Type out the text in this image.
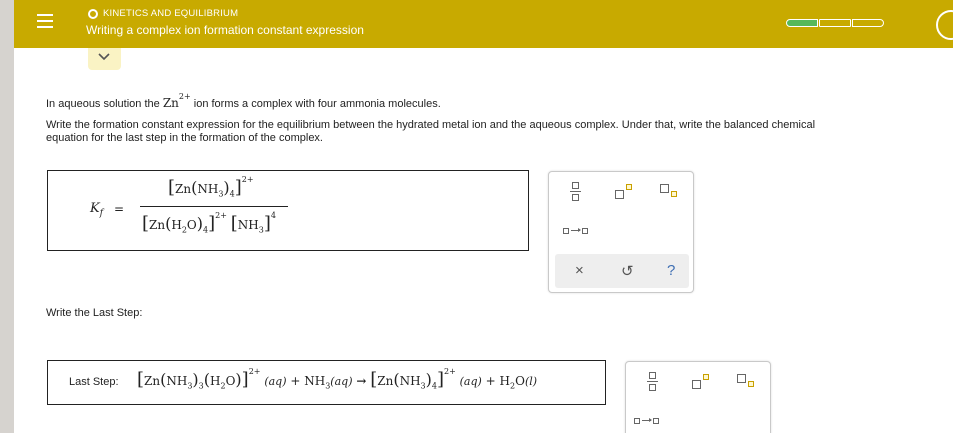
KINETICS AND EQUILIBRIUM
Writing a complex ion formation constant expression
In aqueous solution the $Zn^{2+}$ ion forms a complex with four ammonia molecules.
Write the formation constant expression for the equilibrium between the hydrated metal ion and the aqueous complex. Under that, write the balanced chemical
equation for the last step in the formation of the complex.
$K_f$ =
$[Zn(NH_3)_4]^{2+}$
$[Zn(H_2O)_4]^{2+}$ $[NH_3]^4$
× ↺ ?
Write the Last Step:
Last Step: $[Zn(NH_3)_3(H_2O)]^{2+}$ $(aq) + NH_3(aq) \to [Zn(NH_3)_4]^{2+}$ $(aq) + H_2O(l)$
